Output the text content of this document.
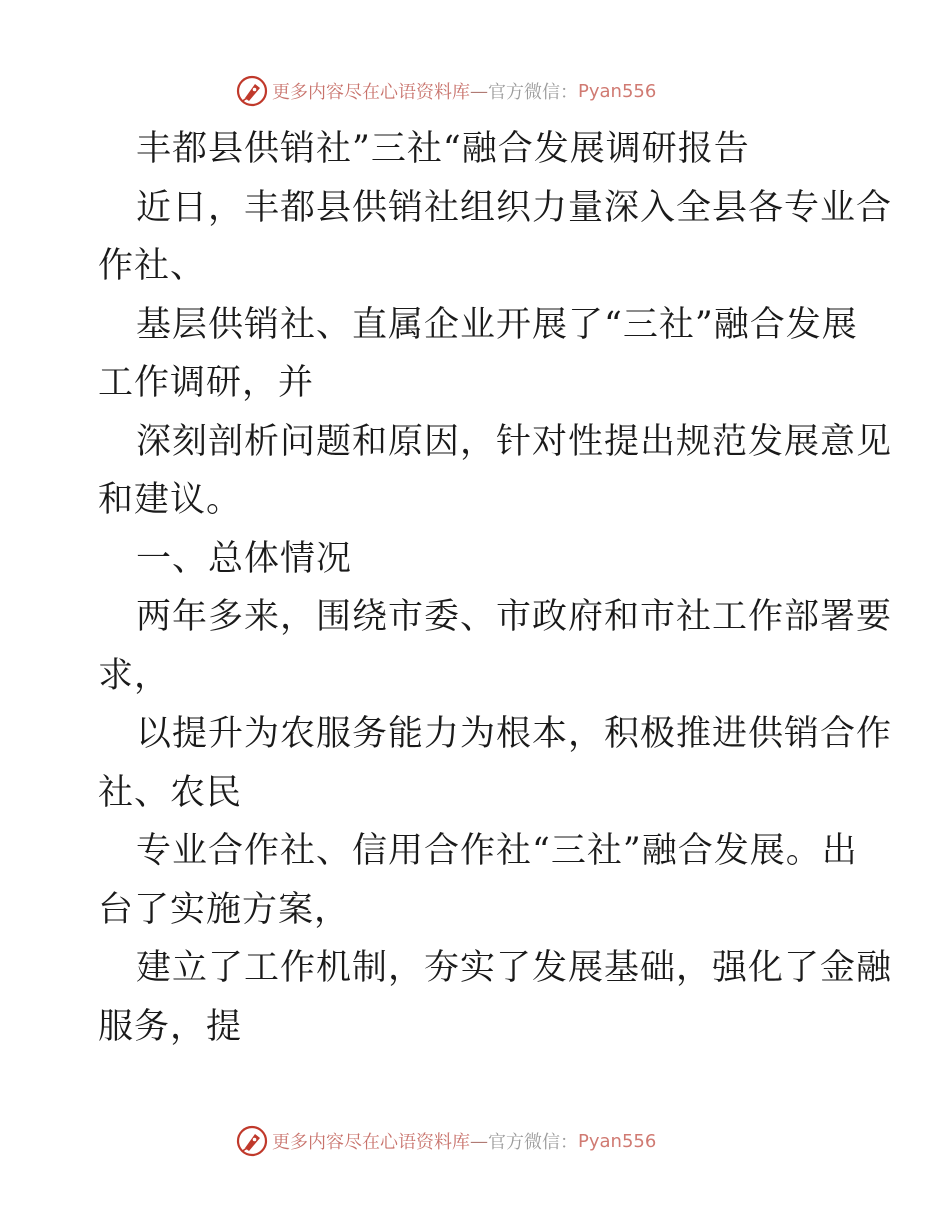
更多内容尽在心语资料库 — 官方微信： Pyan556
丰都县供销社”三社“融合发展调研报告
近日，丰都县供销社组织力量深入全县各专业合
作社、
基层供销社、直属企业开展了“三社”融合发展
工作调研，并
深刻剖析问题和原因，针对性提出规范发展意见
和建议。
一、总体情况
两年多来，围绕市委、市政府和市社工作部署要
求，
以提升为农服务能力为根本，积极推进供销合作
社、农民
专业合作社、信用合作社“三社”融合发展。出
台了实施方案，
建立了工作机制，夯实了发展基础，强化了金融
服务，提
更多内容尽在心语资料库 — 官方微信： Pyan556
